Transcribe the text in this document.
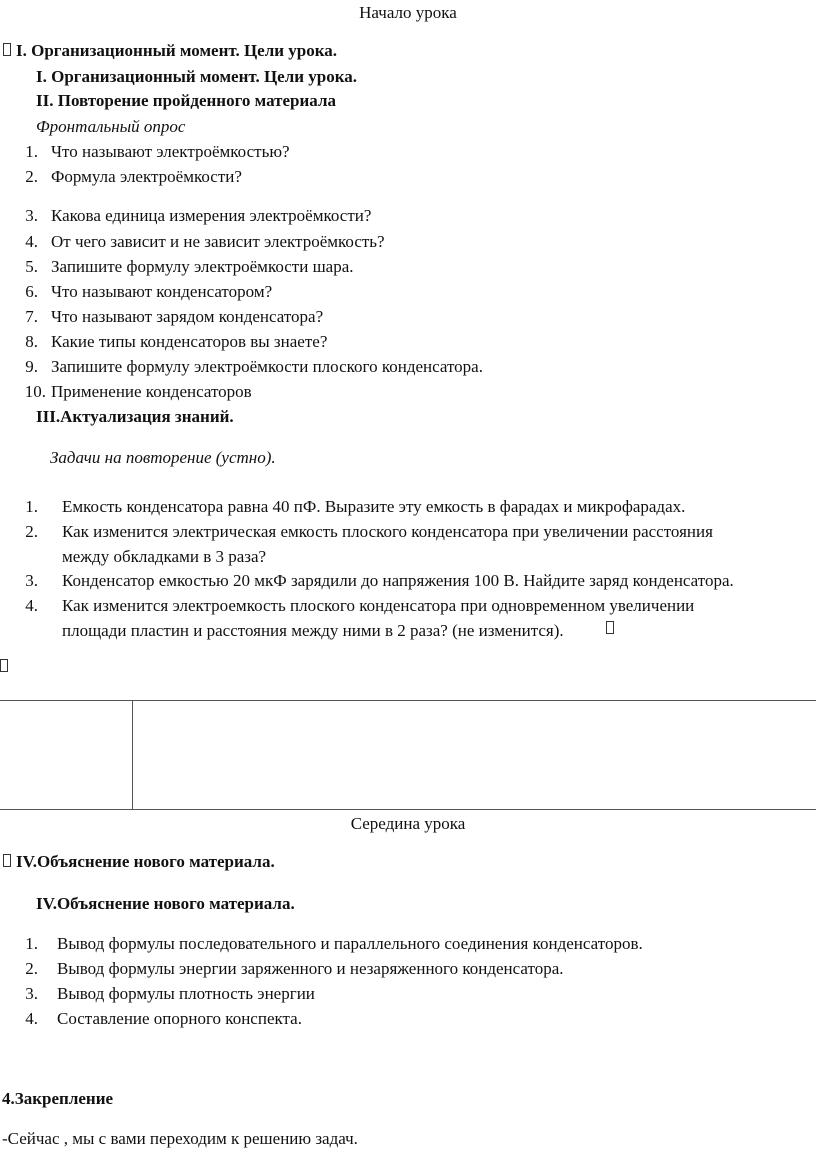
Начало урока
I. Организационный момент. Цели урока.
I. Организационный момент. Цели урока.
II. Повторение пройденного материала
Фронтальный опрос
1. Что называют электроёмкостью?
2. Формула электроёмкости?
3. Какова единица измерения электроёмкости?
4. От чего зависит и не зависит электроёмкость?
5. Запишите формулу электроёмкости шара.
6. Что называют конденсатором?
7. Что называют зарядом конденсатора?
8. Какие типы конденсаторов вы знаете?
9. Запишите формулу электроёмкости плоского конденсатора.
10. Применение конденсаторов
III.Актуализация знаний.
Задачи на повторение (устно).
1. Емкость конденсатора равна 40 пФ. Выразите эту емкость в фарадах и микрофарадах.
2. Как изменится электрическая емкость плоского конденсатора при увеличении расстояния
между обкладками в 3 раза?
3. Конденсатор емкостью 20 мкФ зарядили до напряжения 100 В. Найдите заряд конденсатора.
4. Как изменится электроемкость плоского конденсатора при одновременном увеличении
площади пластин и расстояния между ними в 2 раза? (не изменится).
Середина урока
IV.Объяснение нового материала.
IV.Объяснение нового материала.
1. Вывод формулы последовательного и параллельного соединения конденсаторов.
2. Вывод формулы энергии заряженного и незаряженного конденсатора.
3. Вывод формулы плотность энергии
4. Составление опорного конспекта.
4.Закрепление
-Сейчас , мы с вами переходим к решению задач.
